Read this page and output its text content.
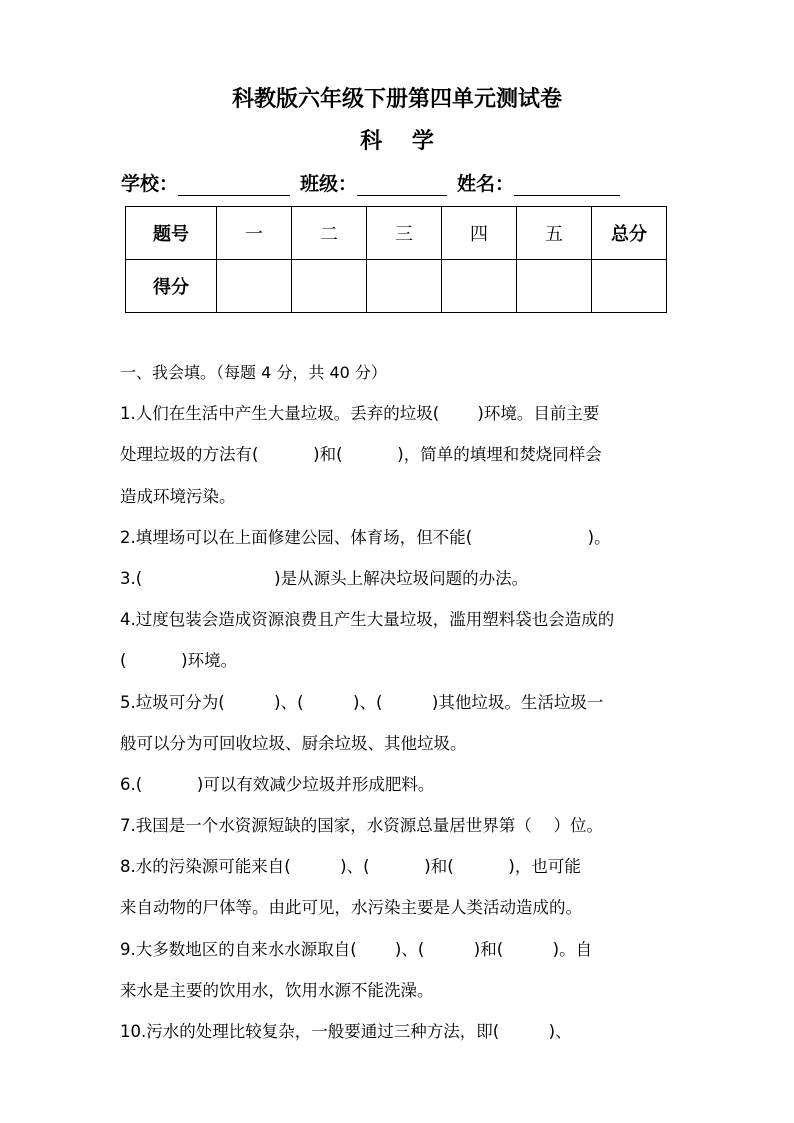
科教版六年级下册第四单元测试卷
科　 学
学校：	班级：	姓名：
题号	一	二	三	四	五	总分
得分						
一、我会填。（每题 4 分，共 40 分）
1.人们在生活中产生大量垃圾。丢弃的垃圾(　　 )环境。目前主要
处理垃圾的方法有(　　　 )和(　　　 )，简单的填埋和焚烧同样会
造成环境污染。
2.填埋场可以在上面修建公园、体育场，但不能(　　　　　　　)。
3.(　　　　　　　　)是从源头上解决垃圾问题的办法。
4.过度包装会造成资源浪费且产生大量垃圾，滥用塑料袋也会造成的
(　　　 )环境。
5.垃圾可分为(　　　)、(　　　)、(　　　)其他垃圾。生活垃圾一
般可以分为可回收垃圾、厨余垃圾、其他垃圾。
6.(　　　 )可以有效减少垃圾并形成肥料。
7.我国是一个水资源短缺的国家，水资源总量居世界第（　 ）位。
8.水的污染源可能来自(　　　)、(　　　 )和(　　　 )，也可能
来自动物的尸体等。由此可见，水污染主要是人类活动造成的。
9.大多数地区的自来水水源取自(　　 )、(　　　)和(　　　)。自
来水是主要的饮用水，饮用水源不能洗澡。
10.污水的处理比较复杂，一般要通过三种方法，即(　　　)、
